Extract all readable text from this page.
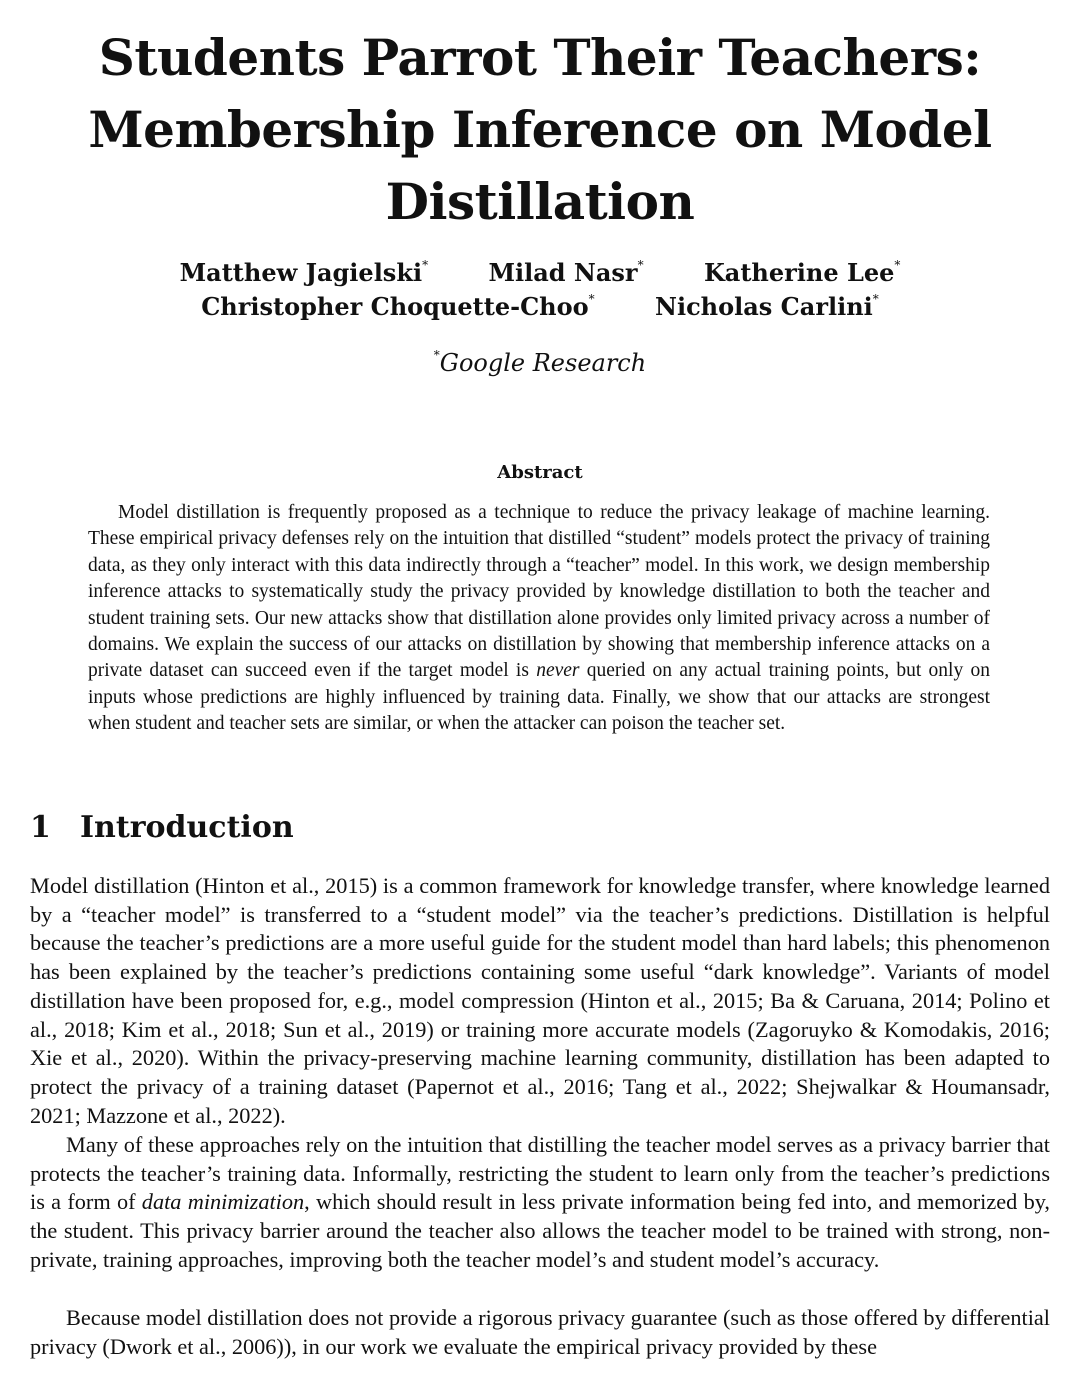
Students Parrot Their Teachers:
Membership Inference on Model
Distillation
Matthew Jagielski*	Milad Nasr*	Katherine Lee*
Christopher Choquette-Choo*	Nicholas Carlini*
*Google Research
Abstract

Model distillation is frequently proposed as a technique to reduce the privacy leakage of machine learning. These empirical privacy defenses rely on the intuition that distilled “student” models protect the privacy of training data, as they only interact with this data indirectly through a “teacher” model. In this work, we design membership inference attacks to systematically study the privacy provided by knowledge distillation to both the teacher and student training sets. Our new attacks show that distillation alone provides only limited privacy across a number of domains. We explain the success of our attacks on distillation by showing that membership inference attacks on a private dataset can succeed even if the target model is never queried on any actual training points, but only on inputs whose predictions are highly influenced by training data. Finally, we show that our attacks are strongest when student and teacher sets are similar, or when the attacker can poison the teacher set.

1 Introduction

Model distillation (Hinton et al., 2015) is a common framework for knowledge transfer, where knowledge learned by a “teacher model” is transferred to a “student model” via the teacher’s predictions. Distillation is helpful because the teacher’s predictions are a more useful guide for the student model than hard labels; this phenomenon has been explained by the teacher’s predictions containing some useful “dark knowledge”. Variants of model distillation have been proposed for, e.g., model compression (Hinton et al., 2015; Ba & Caruana, 2014; Polino et al., 2018; Kim et al., 2018; Sun et al., 2019) or training more accurate models (Zagoruyko & Komodakis, 2016; Xie et al., 2020). Within the privacy-preserving machine learning community, distillation has been adapted to protect the privacy of a training dataset (Papernot et al., 2016; Tang et al., 2022; Shejwalkar & Houmansadr, 2021; Mazzone et al., 2022).

Many of these approaches rely on the intuition that distilling the teacher model serves as a privacy barrier that protects the teacher’s training data. Informally, restricting the student to learn only from the teacher’s predictions is a form of data minimization, which should result in less private information being fed into, and memorized by, the student. This privacy barrier around the teacher also allows the teacher model to be trained with strong, non-private, training approaches, improving both the teacher model’s and student model’s accuracy.

Because model distillation does not provide a rigorous privacy guarantee (such as those offered by differential privacy (Dwork et al., 2006)), in our work we evaluate the empirical privacy provided by these
